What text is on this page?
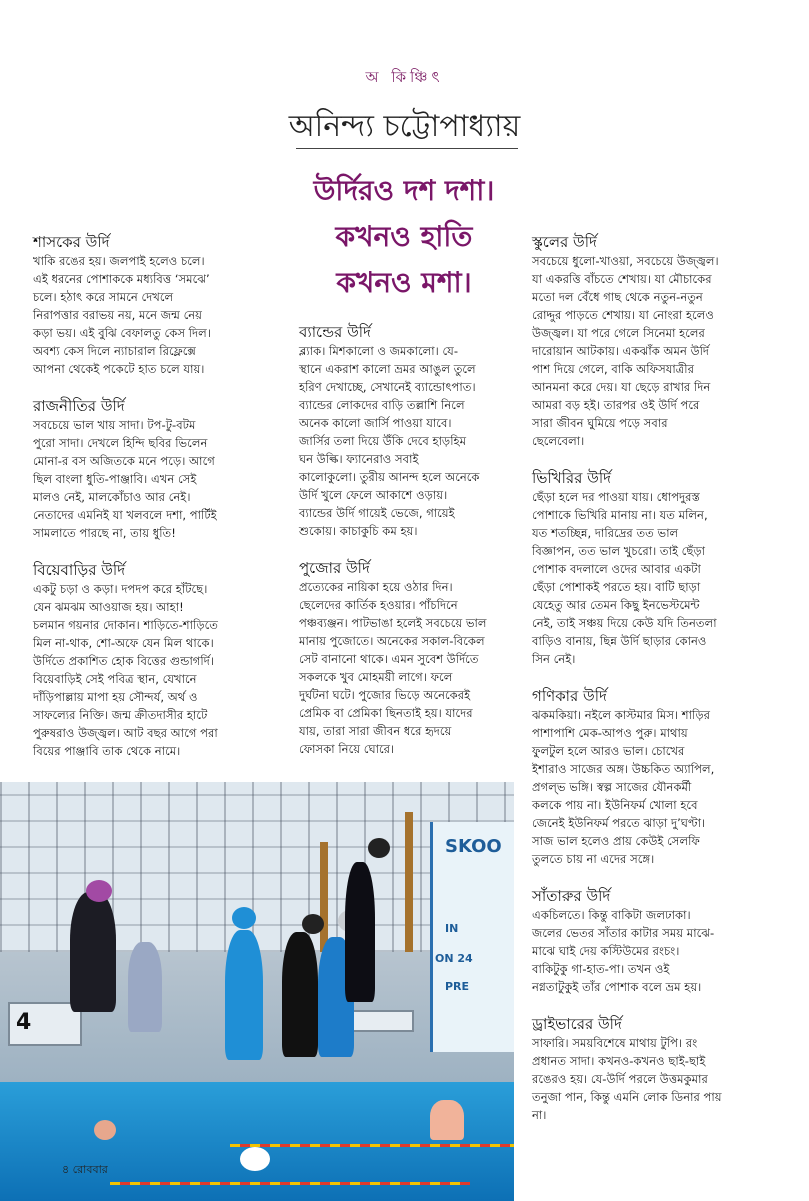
অ কিঞ্চিৎ
অনিন্দ্য চট্টোপাধ্যায়
উর্দিরও দশ দশা।
কখনও হাতি
কখনও মশা।
শাসকের উর্দি

খাকি রঙের হয়। জলপাই হলেও চলে।
এই ধরনের পোশাককে মধ্যবিত্ত ‘সমঝে’
চলে। হঠাৎ করে সামনে দেখলে
নিরাপত্তার বরাভয় নয়, মনে জন্ম নেয়
কড়া ভয়। এই বুঝি বেফালতু কেস দিল।
অবশ্য কেস দিলে ন্যাচারাল রিফ্লেক্সে
আপনা থেকেই পকেটে হাত চলে যায়।

রাজনীতির উর্দি

সবচেয়ে ভাল খায় সাদা। টপ-টু-বটম
পুরো সাদা। দেখলে হিন্দি ছবির ভিলেন
মোনা-র বস অজিতকে মনে পড়ে। আগে
ছিল বাংলা ধুতি-পাঞ্জাবি। এখন সেই
মালও নেই, মালকোঁচাও আর নেই।
নেতাদের এমনিই যা খলবলে দশা, পার্টিই
সামলাতে পারছে না, তায় ধুতি!

বিয়েবাড়ির উর্দি

একটু চড়া ও কড়া। দপদপ করে হাঁটছে।
যেন ঝমঝম আওয়াজ হয়। আহা!
চলমান গয়নার দোকান। শাড়িতে-শাড়িতে
মিল না-থাক, শো-অফে যেন মিল থাকে।
উর্দিতে প্রকাশিত হোক বিত্তের গুন্ডাগর্দি।
বিয়েবাড়িই সেই পবিত্র স্থান, যেখানে
দাঁড়িপাল্লায় মাপা হয় সৌন্দর্য, অর্থ ও
সাফল্যের নিক্তি। জন্ম ক্রীতদাসীর হাটে
পুরুষরাও উজ্জ্বল। আট বছর আগে পরা
বিয়ের পাঞ্জাবি তাক থেকে নামে।

ব্যান্ডের উর্দি

ব্ল্যাক। মিশকালো ও জমকালো। যে-
স্থানে একরাশ কালো ভ্রমর আঙুল তুলে
হরিণ দেখাচ্ছে, সেখানেই ব্যান্ডোৎপাত।
ব্যান্ডের লোকদের বাড়ি তল্লাশি নিলে
অনেক কালো জার্সি পাওয়া যাবে।
জার্সির তলা দিয়ে উঁকি দেবে হাড়হিম
ঘন উল্কি। ফ্যানেরাও সবাই
কালোকুলো। তুরীয় আনন্দ হলে অনেকে
উর্দি খুলে ফেলে আকাশে ওড়ায়।
ব্যান্ডের উর্দি গায়েই ভেজে, গায়েই
শুকোয়। কাচাকুচি কম হয়।

পুজোর উর্দি

প্রত্যেকের নায়িকা হয়ে ওঠার দিন।
ছেলেদের কার্তিক হওয়ার। পাঁচদিনে
পঞ্চব্যঞ্জন। পাটভাঙা হলেই সবচেয়ে ভাল
মানায় পুজোতে। অনেকের সকাল-বিকেল
সেট বানানো থাকে। এমন সুবেশ উর্দিতে
সকলকে খুব মোহময়ী লাগে। ফলে
দুর্ঘটনা ঘটে। পুজোর ভিড়ে অনেকেরই
প্রেমিক বা প্রেমিকা ছিনতাই হয়। যাদের
যায়, তারা সারা জীবন ধরে হৃদয়ে
ফোসকা নিয়ে ঘোরে।

স্কুলের উর্দি

সবচেয়ে ধুলো-খাওয়া, সবচেয়ে উজ্জ্বল।
যা একরত্তি বাঁচতে শেখায়। যা মৌচাকের
মতো দল বেঁধে গাছ থেকে নতুন-নতুন
রোদ্দুর পাড়তে শেখায়। যা নোংরা হলেও
উজ্জ্বল। যা পরে গেলে সিনেমা হলের
দারোয়ান আটকায়। একঝাঁক অমন উর্দি
পাশ দিয়ে গেলে, বাকি অফিসযাত্রীর
আনমনা করে দেয়। যা ছেড়ে রাখার দিন
আমরা বড় হই। তারপর ওই উর্দি পরে
সারা জীবন ঘুমিয়ে পড়ে সবার
ছেলেবেলা।

ভিখিরির উর্দি

ছেঁড়া হলে দর পাওয়া যায়। ধোপদুরস্ত
পোশাকে ভিখিরি মানায় না। যত মলিন,
যত শতচ্ছিন্ন, দারিদ্রের তত ভাল
বিজ্ঞাপন, তত ভাল খুচরো। তাই ছেঁড়া
পোশাক বদলালে ওদের আবার একটা
ছেঁড়া পোশাকই পরতে হয়। বাটি ছাড়া
যেহেতু আর তেমন কিছু ইনভেস্টমেন্ট
নেই, তাই সঞ্চয় দিয়ে কেউ যদি তিনতলা
বাড়িও বানায়, ছিন্ন উর্দি ছাড়ার কোনও
সিন নেই।

গণিকার উর্দি

ঝকমকিয়া। নইলে কাস্টমার মিস। শাড়ির
পাশাপাশি মেক-আপও পুরু। মাথায়
ফুলটুল হলে আরও ভাল। চোখের
ইশারাও সাজের অঙ্গ। উচ্চকিত অ্যাপিল,
প্রগল্ভ ভঙ্গি। স্বল্প সাজের যৌনকর্মী
কলকে পায় না। ইউনিফর্ম খোলা হবে
জেনেই ইউনিফর্ম পরতে ঝাড়া দু’ঘণ্টা।
সাজ ভাল হলেও প্রায় কেউই সেলফি
তুলতে চায় না এদের সঙ্গে।

সাঁতারুর উর্দি

একচিলতে। কিন্তু বাকিটা জলঢাকা।
জলের ভেতর সাঁতার কাটার সময় মাঝে-
মাঝে ঘাই দেয় কস্টিউমের রংচং।
বাকিটুকু গা-হাত-পা। তখন ওই
নগ্নতাটুকুই তাঁর পোশাক বলে ভ্রম হয়।

ড্রাইভারের উর্দি

সাফারি। সময়বিশেষে মাথায় টুপি। রং
প্রধানত সাদা। কখনও-কখনও ছাই-ছাই
রঙেরও হয়। যে-উর্দি পরলে উত্তমকুমার
তনুজা পান, কিন্তু এমনি লোক ডিনার পায়
না।

SKOO
IN
ON 24
PRE
4
৪ রোববার
